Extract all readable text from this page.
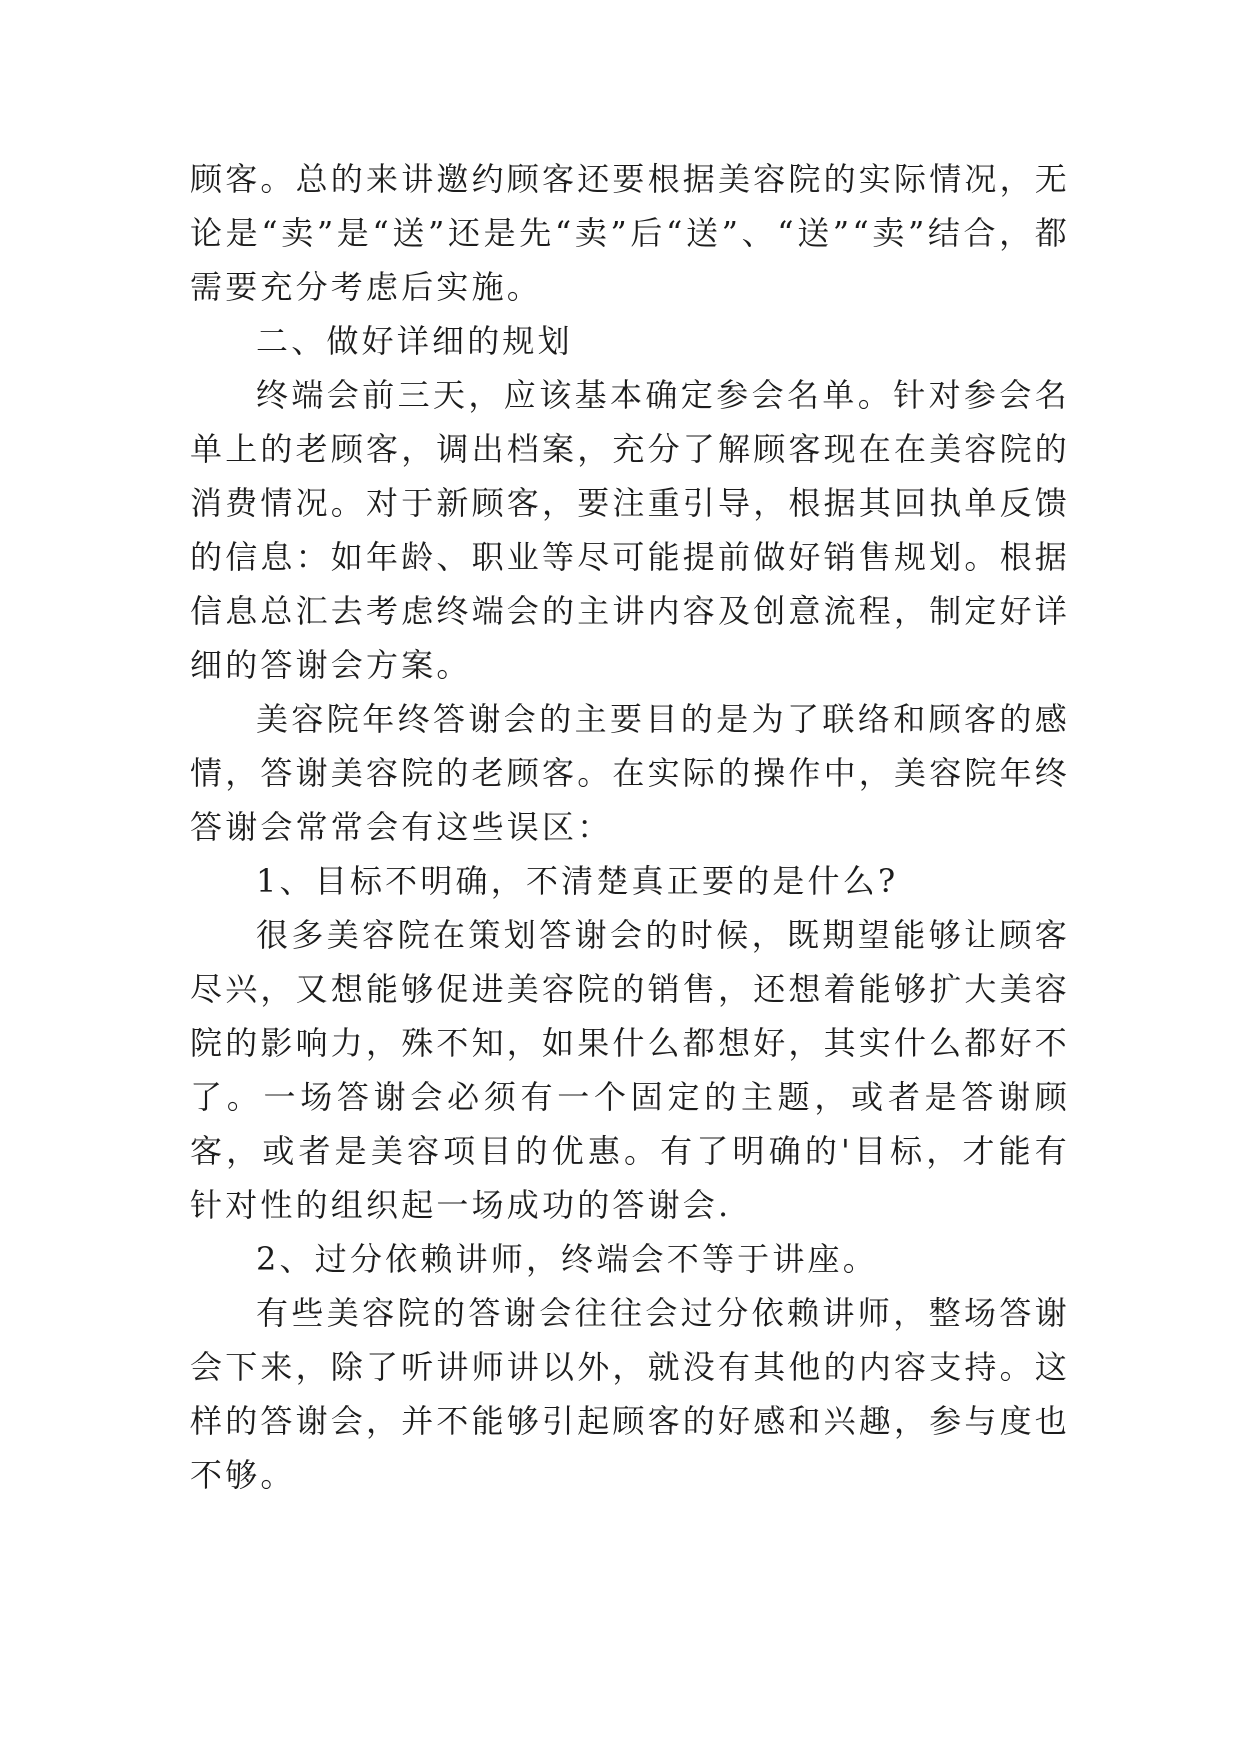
顾客。总的来讲邀约顾客还要根据美容院的实际情况，无论是“卖”是“送”还是先“卖”后“送”、“送”“卖”结合，都需要充分考虑后实施。

二、做好详细的规划

终端会前三天，应该基本确定参会名单。针对参会名单上的老顾客，调出档案，充分了解顾客现在在美容院的消费情况。对于新顾客，要注重引导，根据其回执单反馈的信息：如年龄、职业等尽可能提前做好销售规划。根据信息总汇去考虑终端会的主讲内容及创意流程，制定好详细的答谢会方案。

美容院年终答谢会的主要目的是为了联络和顾客的感情，答谢美容院的老顾客。在实际的操作中，美容院年终答谢会常常会有这些误区：

1、目标不明确，不清楚真正要的是什么?

很多美容院在策划答谢会的时候，既期望能够让顾客尽兴，又想能够促进美容院的销售，还想着能够扩大美容院的影响力，殊不知，如果什么都想好，其实什么都好不了。一场答谢会必须有一个固定的主题，或者是答谢顾客，或者是美容项目的优惠。有了明确的'目标，才能有针对性的组织起一场成功的答谢会.

2、过分依赖讲师，终端会不等于讲座。

有些美容院的答谢会往往会过分依赖讲师，整场答谢会下来，除了听讲师讲以外，就没有其他的内容支持。这样的答谢会，并不能够引起顾客的好感和兴趣，参与度也不够。
